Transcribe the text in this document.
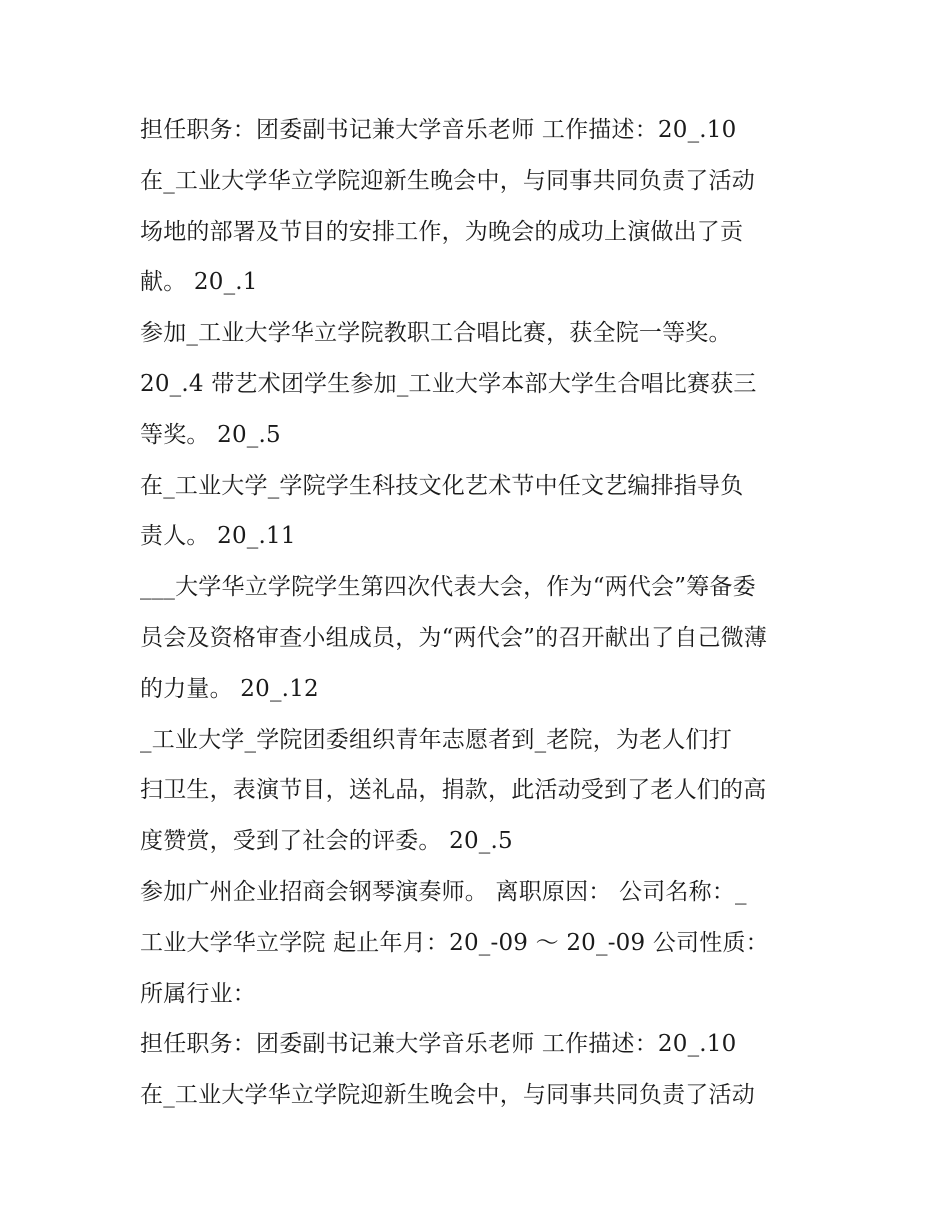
担任职务：团委副书记兼大学音乐老师 工作描述：20_.10
在_工业大学华立学院迎新生晚会中，与同事共同负责了活动
场地的部署及节目的安排工作，为晚会的成功上演做出了贡
献。 20_.1
参加_工业大学华立学院教职工合唱比赛，获全院一等奖。
20_.4 带艺术团学生参加_工业大学本部大学生合唱比赛获三
等奖。 20_.5
在_工业大学_学院学生科技文化艺术节中任文艺编排指导负
责人。 20_.11
___大学华立学院学生第四次代表大会，作为“两代会”筹备委
员会及资格审查小组成员，为“两代会”的召开献出了自己微薄
的力量。 20_.12
_工业大学_学院团委组织青年志愿者到_老院，为老人们打
扫卫生，表演节目，送礼品，捐款，此活动受到了老人们的高
度赞赏，受到了社会的评委。 20_.5
参加广州企业招商会钢琴演奏师。 离职原因： 公司名称：_
工业大学华立学院 起止年月：20_-09 ～ 20_-09 公司性质：
所属行业：
担任职务：团委副书记兼大学音乐老师 工作描述：20_.10
在_工业大学华立学院迎新生晚会中，与同事共同负责了活动
